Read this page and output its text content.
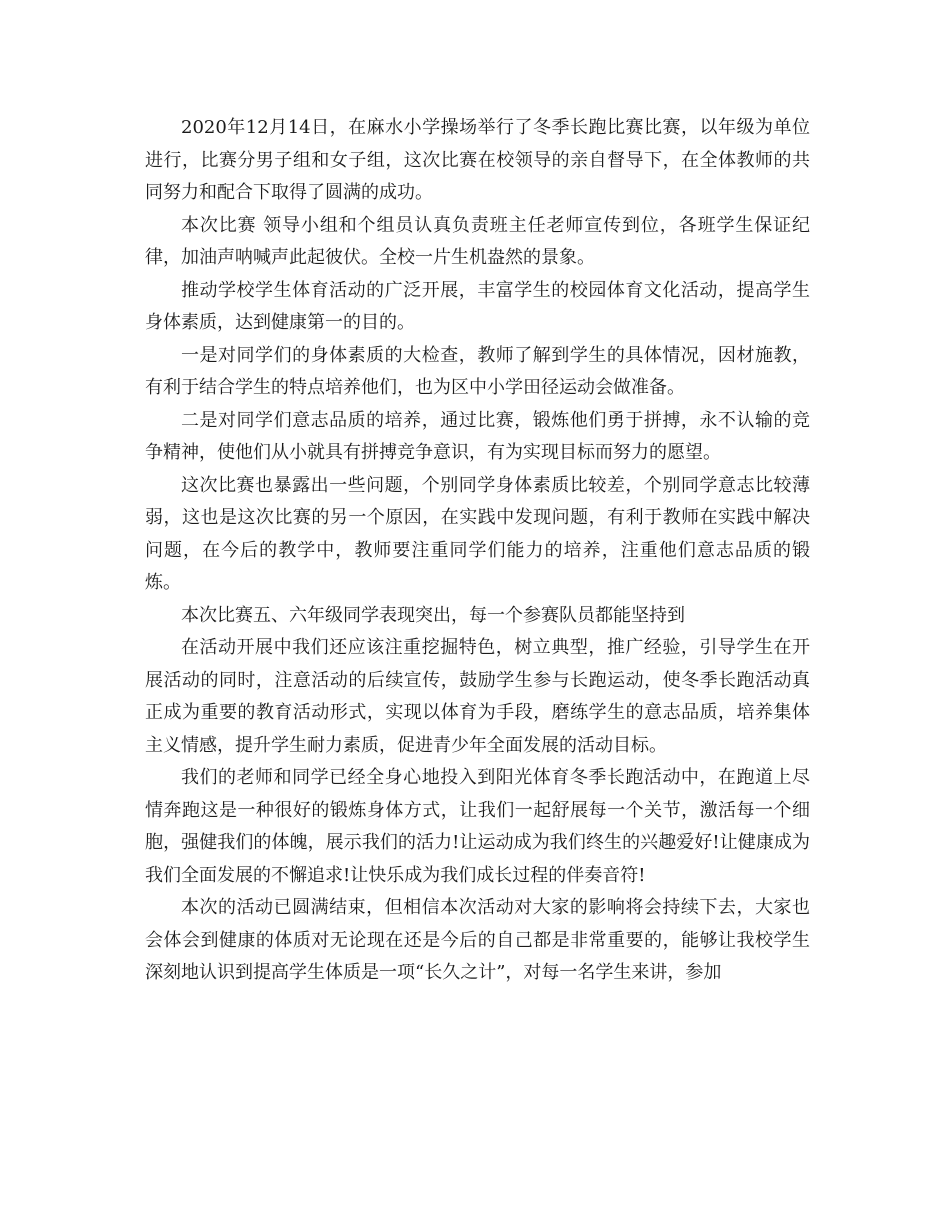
2020年12月14日，在麻水小学操场举行了冬季长跑比赛比赛，以年级为单位进行，比赛分男子组和女子组，这次比赛在校领导的亲自督导下，在全体教师的共同努力和配合下取得了圆满的成功。

本次比赛 领导小组和个组员认真负责班主任老师宣传到位，各班学生保证纪律，加油声呐喊声此起彼伏。全校一片生机盎然的景象。

推动学校学生体育活动的广泛开展，丰富学生的校园体育文化活动，提高学生身体素质，达到健康第一的目的。

一是对同学们的身体素质的大检查，教师了解到学生的具体情况，因材施教，有利于结合学生的特点培养他们，也为区中小学田径运动会做准备。

二是对同学们意志品质的培养，通过比赛，锻炼他们勇于拼搏，永不认输的竞争精神，使他们从小就具有拼搏竞争意识，有为实现目标而努力的愿望。

这次比赛也暴露出一些问题，个别同学身体素质比较差，个别同学意志比较薄弱，这也是这次比赛的另一个原因，在实践中发现问题，有利于教师在实践中解决问题，在今后的教学中，教师要注重同学们能力的培养，注重他们意志品质的锻炼。

本次比赛五、六年级同学表现突出，每一个参赛队员都能坚持到

在活动开展中我们还应该注重挖掘特色，树立典型，推广经验，引导学生在开展活动的同时，注意活动的后续宣传，鼓励学生参与长跑运动，使冬季长跑活动真正成为重要的教育活动形式，实现以体育为手段，磨练学生的意志品质，培养集体主义情感，提升学生耐力素质，促进青少年全面发展的活动目标。

我们的老师和同学已经全身心地投入到阳光体育冬季长跑活动中，在跑道上尽情奔跑这是一种很好的锻炼身体方式，让我们一起舒展每一个关节，激活每一个细胞，强健我们的体魄，展示我们的活力!让运动成为我们终生的兴趣爱好!让健康成为我们全面发展的不懈追求!让快乐成为我们成长过程的伴奏音符!

本次的活动已圆满结束，但相信本次活动对大家的影响将会持续下去，大家也会体会到健康的体质对无论现在还是今后的自己都是非常重要的，能够让我校学生深刻地认识到提高学生体质是一项“长久之计”，对每一名学生来讲，参加
